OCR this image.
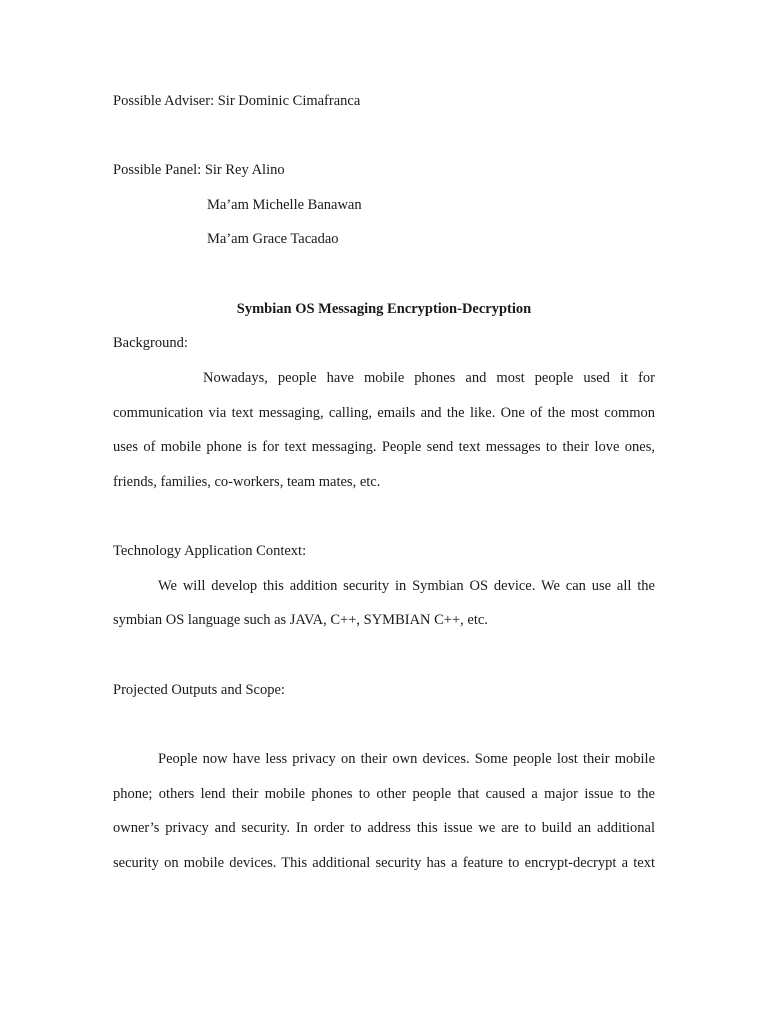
Possible Adviser: Sir Dominic Cimafranca
Possible Panel: Sir Rey Alino
Ma’am Michelle Banawan
Ma’am Grace Tacadao
Symbian OS Messaging Encryption-Decryption
Background:
Nowadays, people have mobile phones and most people used it for
communication via text messaging, calling, emails and the like. One of the most common
uses of mobile phone is for text messaging. People send text messages to their love ones,
friends, families, co-workers, team mates, etc.
Technology Application Context:
We will develop this addition security in Symbian OS device. We can use all the
symbian OS language such as JAVA, C++, SYMBIAN C++, etc.
Projected Outputs and Scope:
People now have less privacy on their own devices. Some people lost their mobile
phone; others lend their mobile phones to other people that caused a major issue to the
owner’s privacy and security. In order to address this issue we are to build an additional
security on mobile devices. This additional security has a feature to encrypt-decrypt a text
